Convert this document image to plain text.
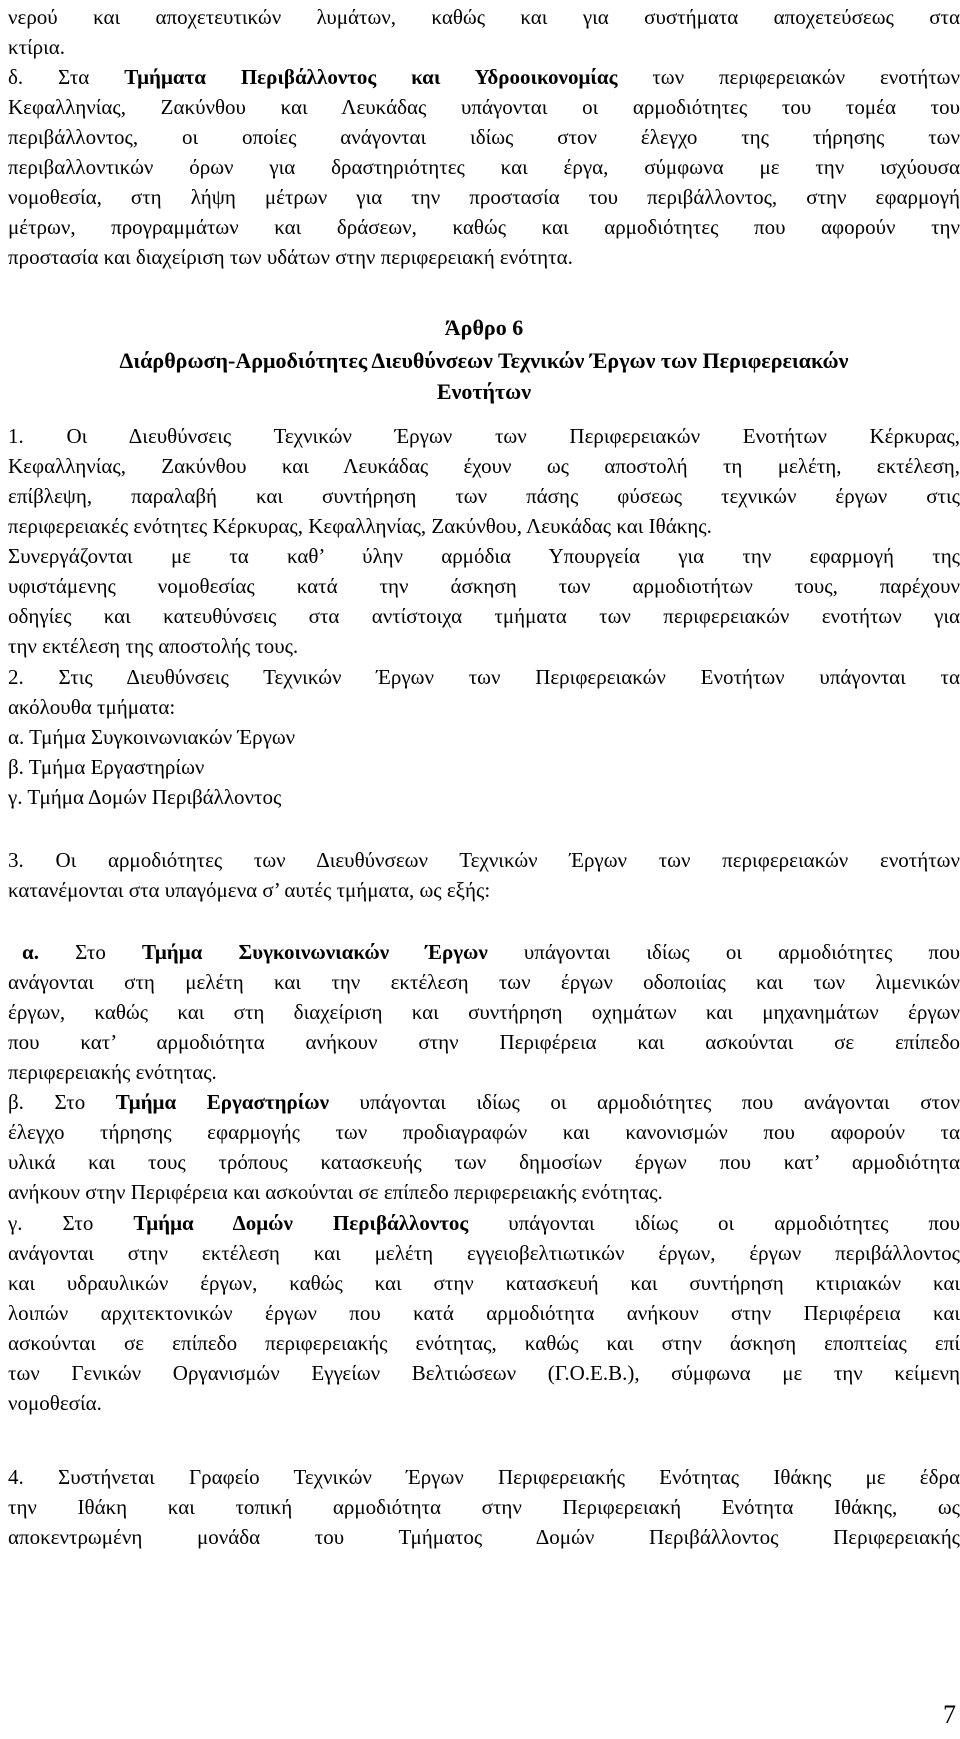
νερού και αποχετευτικών λυμάτων, καθώς και για συστήματα αποχετεύσεως στα
κτίρια.
δ. Στα Τμήματα Περιβάλλοντος και Υδροοικονομίας των περιφερειακών ενοτήτων
Κεφαλληνίας, Ζακύνθου και Λευκάδας υπάγονται οι αρμοδιότητες του τομέα του
περιβάλλοντος, οι οποίες ανάγονται ιδίως στον έλεγχο της τήρησης των
περιβαλλοντικών όρων για δραστηριότητες και έργα, σύμφωνα με την ισχύουσα
νομοθεσία, στη λήψη μέτρων για την προστασία του περιβάλλοντος, στην εφαρμογή
μέτρων, προγραμμάτων και δράσεων, καθώς και αρμοδιότητες που αφορούν την
προστασία και διαχείριση των υδάτων στην περιφερειακή ενότητα.
Άρθρο 6
Διάρθρωση-Αρμοδιότητες Διευθύνσεων Τεχνικών Έργων των Περιφερειακών
Ενοτήτων
1. Οι Διευθύνσεις Τεχνικών Έργων των Περιφερειακών Ενοτήτων Κέρκυρας,
Κεφαλληνίας, Ζακύνθου και Λευκάδας έχουν ως αποστολή τη μελέτη, εκτέλεση,
επίβλεψη, παραλαβή και συντήρηση των πάσης φύσεως τεχνικών έργων στις
περιφερειακές ενότητες Κέρκυρας, Κεφαλληνίας, Ζακύνθου, Λευκάδας και Ιθάκης.
Συνεργάζονται με τα καθ’ ύλην αρμόδια Υπουργεία για την εφαρμογή της
υφιστάμενης νομοθεσίας κατά την άσκηση των αρμοδιοτήτων τους, παρέχουν
οδηγίες και κατευθύνσεις στα αντίστοιχα τμήματα των περιφερειακών ενοτήτων για
την εκτέλεση της αποστολής τους.
2. Στις Διευθύνσεις Τεχνικών Έργων των Περιφερειακών Ενοτήτων υπάγονται τα
ακόλουθα τμήματα:
α. Τμήμα Συγκοινωνιακών Έργων
β. Τμήμα Εργαστηρίων
γ. Τμήμα Δομών Περιβάλλοντος
3. Οι αρμοδιότητες των Διευθύνσεων Τεχνικών Έργων των περιφερειακών ενοτήτων
κατανέμονται στα υπαγόμενα σ’ αυτές τμήματα, ως εξής:
α. Στο Τμήμα Συγκοινωνιακών Έργων υπάγονται ιδίως οι αρμοδιότητες που
ανάγονται στη μελέτη και την εκτέλεση των έργων οδοποιίας και των λιμενικών
έργων, καθώς και στη διαχείριση και συντήρηση οχημάτων και μηχανημάτων έργων
που κατ’ αρμοδιότητα ανήκουν στην Περιφέρεια και ασκούνται σε επίπεδο
περιφερειακής ενότητας.
β. Στο Τμήμα Εργαστηρίων υπάγονται ιδίως οι αρμοδιότητες που ανάγονται στον
έλεγχο τήρησης εφαρμογής των προδιαγραφών και κανονισμών που αφορούν τα
υλικά και τους τρόπους κατασκευής των δημοσίων έργων που κατ’ αρμοδιότητα
ανήκουν στην Περιφέρεια και ασκούνται σε επίπεδο περιφερειακής ενότητας.
γ. Στο Τμήμα Δομών Περιβάλλοντος υπάγονται ιδίως οι αρμοδιότητες που
ανάγονται στην εκτέλεση και μελέτη εγγειοβελτιωτικών έργων, έργων περιβάλλοντος
και υδραυλικών έργων, καθώς και στην κατασκευή και συντήρηση κτιριακών και
λοιπών αρχιτεκτονικών έργων που κατά αρμοδιότητα ανήκουν στην Περιφέρεια και
ασκούνται σε επίπεδο περιφερειακής ενότητας, καθώς και στην άσκηση εποπτείας επί
των Γενικών Οργανισμών Εγγείων Βελτιώσεων (Γ.Ο.Ε.Β.), σύμφωνα με την κείμενη
νομοθεσία.
4. Συστήνεται Γραφείο Τεχνικών Έργων Περιφερειακής Ενότητας Ιθάκης με έδρα
την Ιθάκη και τοπική αρμοδιότητα στην Περιφερειακή Ενότητα Ιθάκης, ως
αποκεντρωμένη μονάδα του Τμήματος Δομών Περιβάλλοντος Περιφερειακής
7
